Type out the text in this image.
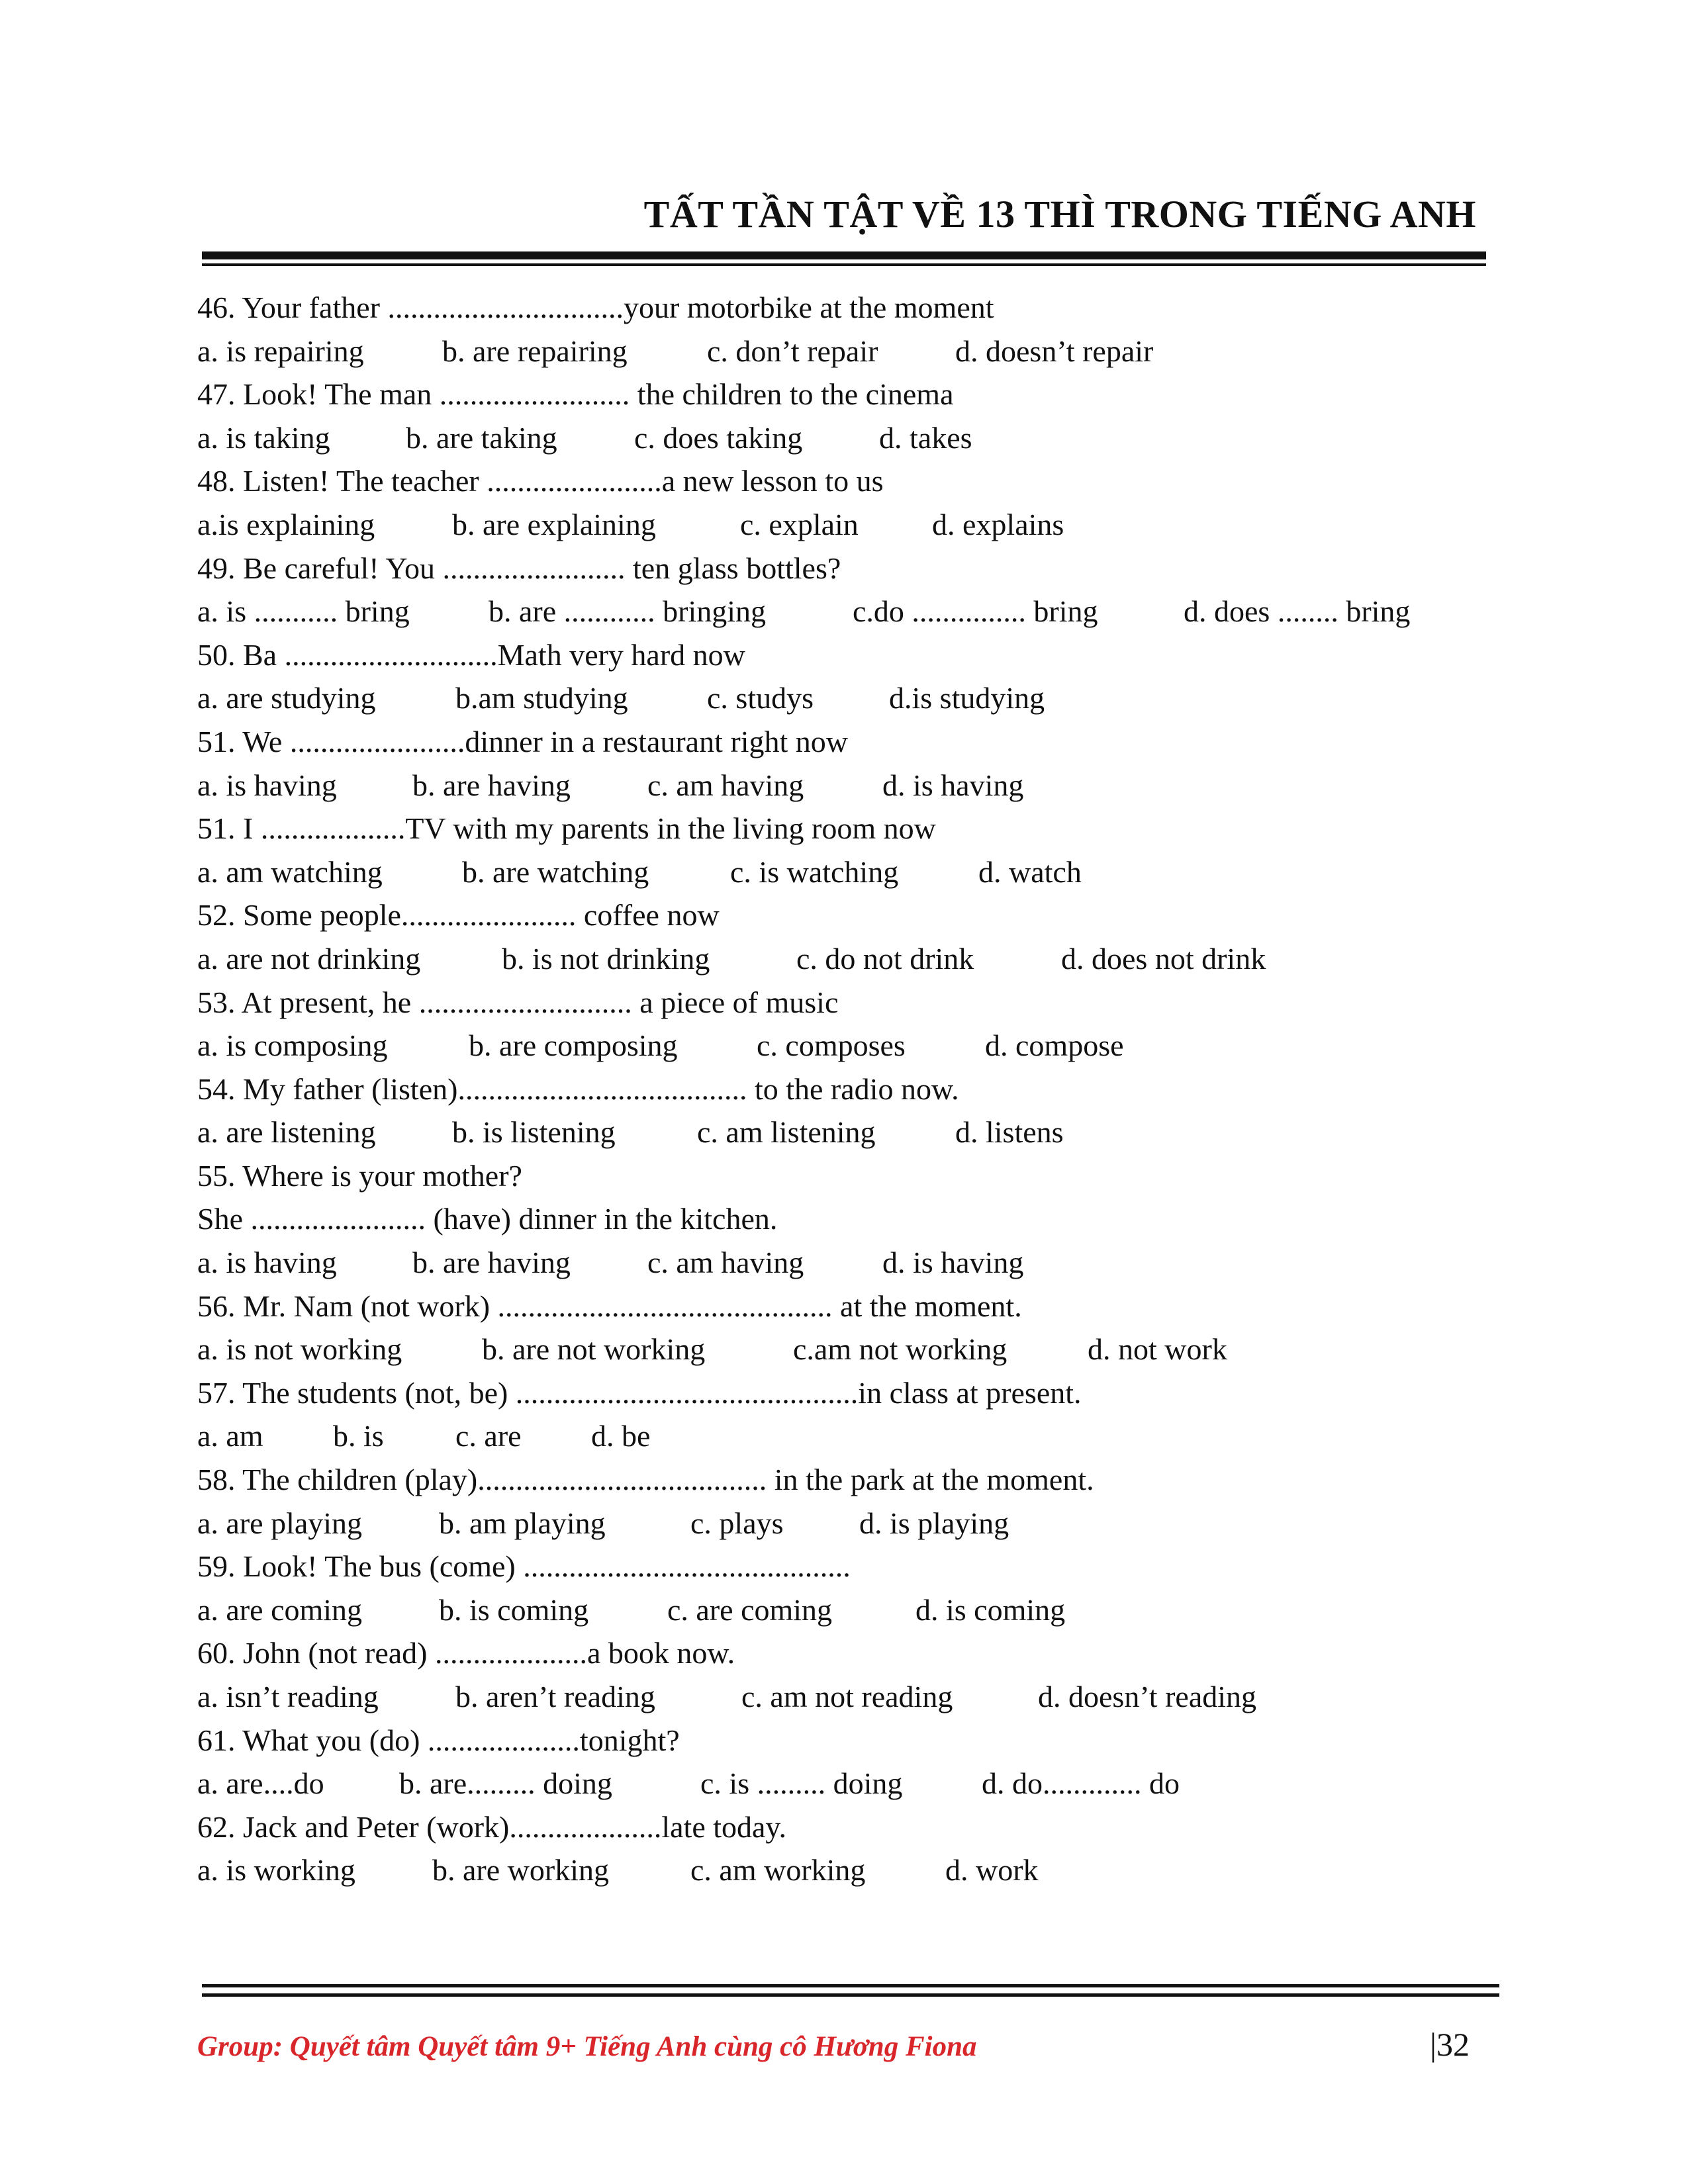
TẤT TẦN TẬT VỀ 13 THÌ TRONG TIẾNG ANH
46. Your father ...............................your motorbike at the moment
a. is repairing	b. are repairing	c. don’t repair	d. doesn’t repair
47. Look! The man ......................... the children to the cinema
a. is taking b. are taking	c. does taking	d. takes
48. Listen! The teacher .......................a new lesson to us
a.is explaining	b. are explaining	c. explain d. explains
49. Be careful! You ........................ ten glass bottles?
a. is ........... bring	b. are ............ bringing	c.do ............... bring	d. does ........ bring
50. Ba ............................Math very hard now
a. are studying	b.am studying	c. studys d.is studying
51. We .......................dinner in a restaurant right now
a. is having b. are having	c. am having	d. is having
51. I ...................TV with my parents in the living room now
a. am watching	b. are watching	c. is watching	d. watch
52. Some people....................... coffee now
a. are not drinking	b. is not drinking	c. do not drink	d. does not drink
53. At present, he ............................ a piece of music
a. is composing	b. are composing	c. composes	d. compose
54. My father (listen)...................................... to the radio now.
a. are listening	b. is listening	c. am listening	d. listens
55. Where is your mother?
She ....................... (have) dinner in the kitchen.
a. is having b. are having	c. am having	d. is having
56. Mr. Nam (not work) ............................................ at the moment.
a. is not working	b. are not working	c.am not working	d. not work
57. The students (not, be) .............................................in class at present.
a. am b. is c. are d. be
58. The children (play)...................................... in the park at the moment.
a. are playing	b. am playing	c. plays d. is playing
59. Look! The bus (come) ...........................................
a. are coming	b. is coming	c. are coming	d. is coming
60. John (not read) ....................a book now.
a. isn’t reading	b. aren’t reading	c. am not reading	d. doesn’t reading
61. What you (do) ....................tonight?
a. are....do b. are......... doing	c. is ......... doing	d. do............. do
62. Jack and Peter (work)....................late today.
a. is working	b. are working	c. am working	d. work
Group: Quyết tâm Quyết tâm 9+ Tiếng Anh cùng cô Hương Fiona	|32
